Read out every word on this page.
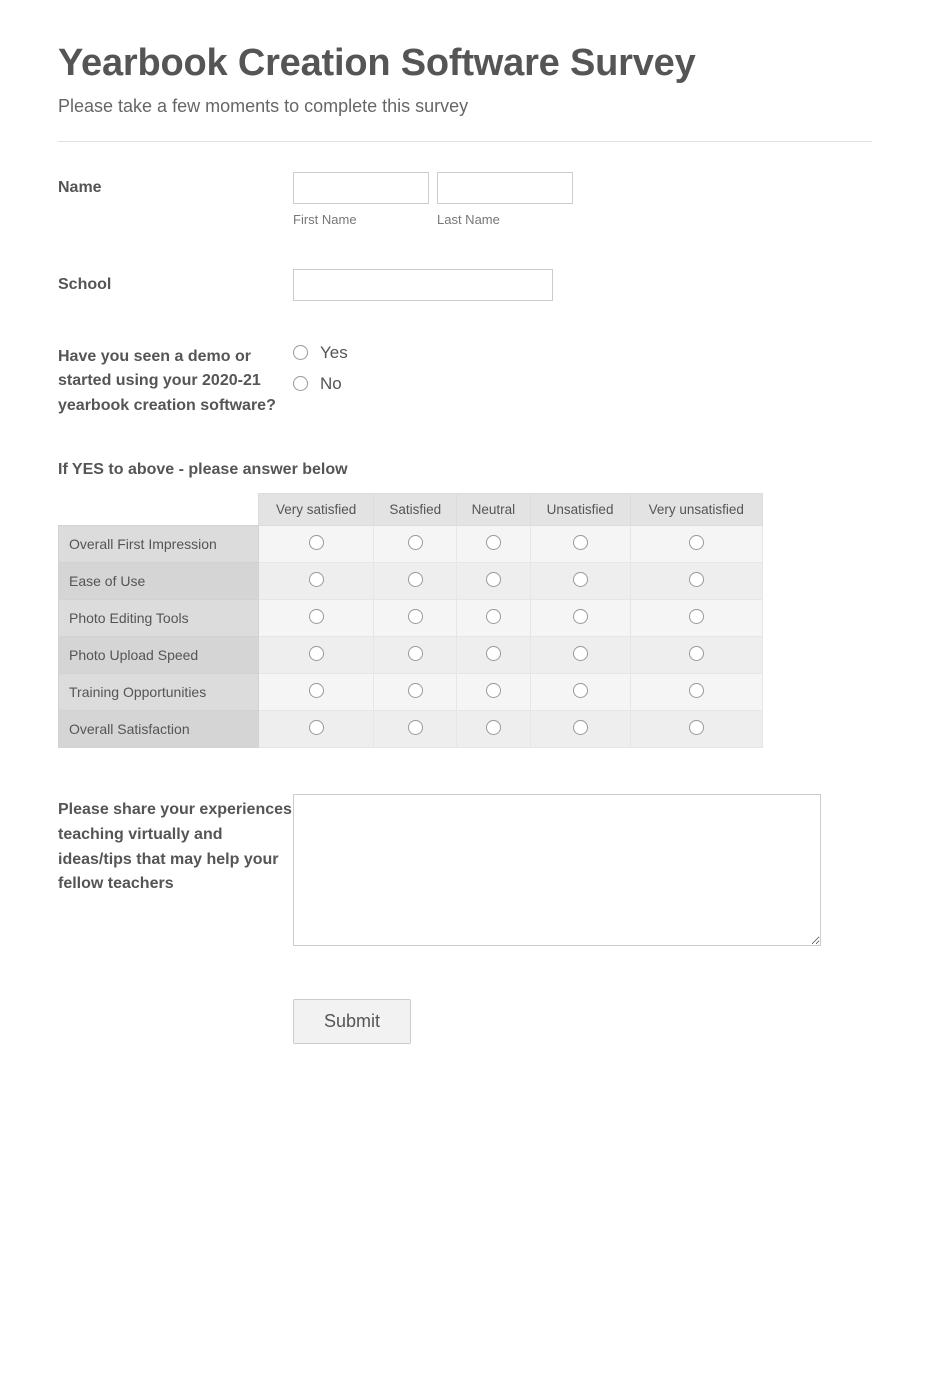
Yearbook Creation Software Survey

Please take a few moments to complete this survey

Name
First Name	Last Name
School
Have you seen a demo or started using your 2020-21 yearbook creation software?
Yes
No
If YES to above - please answer below
	Very satisfied	Satisfied	Neutral	Unsatisfied	Very unsatisfied
Overall First Impression					
Ease of Use					
Photo Editing Tools					
Photo Upload Speed					
Training Opportunities					
Overall Satisfaction					
Please share your experiences teaching virtually and ideas/tips that may help your fellow teachers
Submit
